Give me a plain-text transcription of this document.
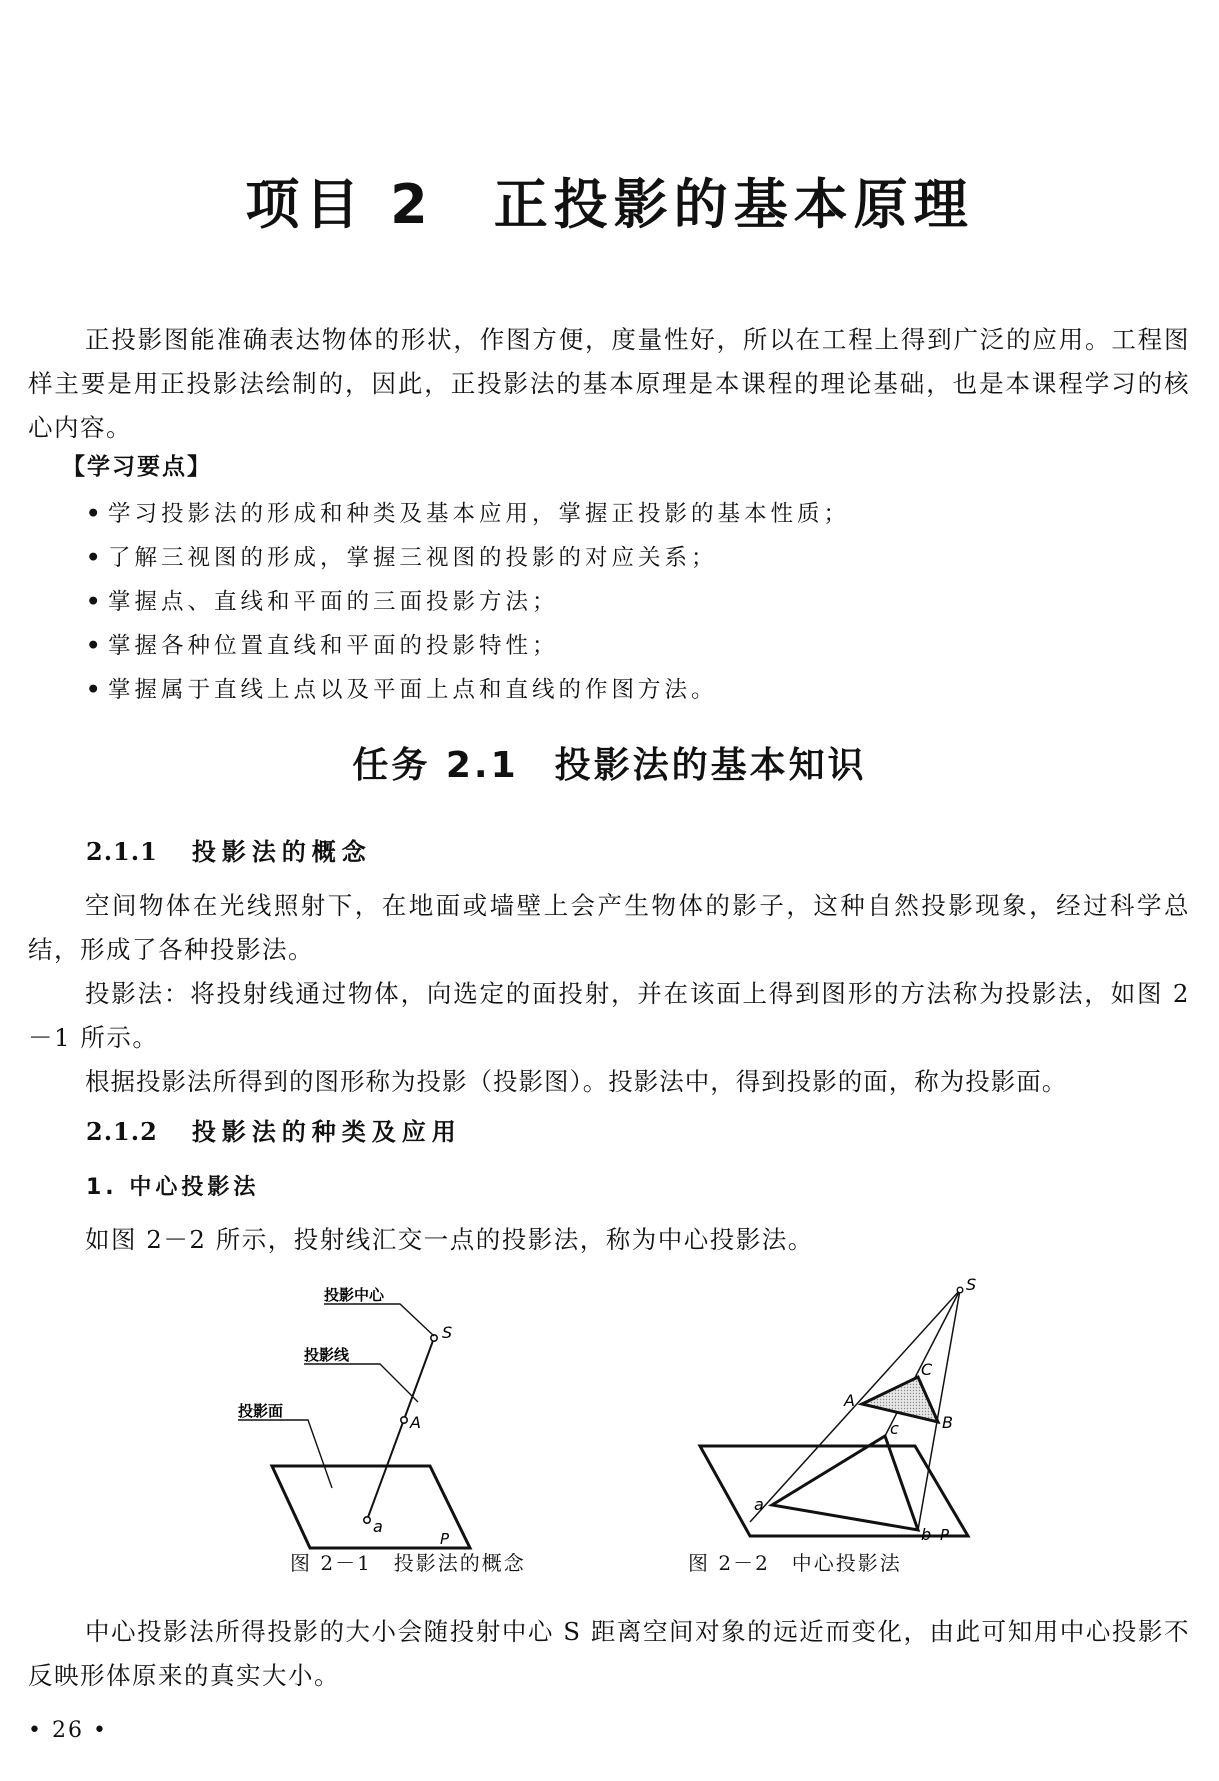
项目 2 正投影的基本原理
正投影图能准确表达物体的形状，作图方便，度量性好，所以在工程上得到广泛的应用。工程图样主要是用正投影法绘制的，因此，正投影法的基本原理是本课程的理论基础，也是本课程学习的核心内容。
【学习要点】
• 学习投影法的形成和种类及基本应用，掌握正投影的基本性质；
• 了解三视图的形成，掌握三视图的投影的对应关系；
• 掌握点、直线和平面的三面投影方法；
• 掌握各种位置直线和平面的投影特性；
• 掌握属于直线上点以及平面上点和直线的作图方法。
任务 2.1 投影法的基本知识
2.1.1 投影法的概念
空间物体在光线照射下，在地面或墙壁上会产生物体的影子，这种自然投影现象，经过科学总结，形成了各种投影法。
投影法：将投射线通过物体，向选定的面投射，并在该面上得到图形的方法称为投影法，如图 2－1 所示。
根据投影法所得到的图形称为投影（投影图）。投影法中，得到投影的面，称为投影面。
2.1.2 投影法的种类及应用
1. 中心投影法
如图 2－2 所示，投射线汇交一点的投影法，称为中心投影法。
投影中心
投影线
投影面
S
A
a
P
图 2－1　投影法的概念
S
A
B
C
a
b
c
P
图 2－2　中心投影法
中心投影法所得投影的大小会随投射中心 S 距离空间对象的远近而变化，由此可知用中心投影不反映形体原来的真实大小。
• 26 •
